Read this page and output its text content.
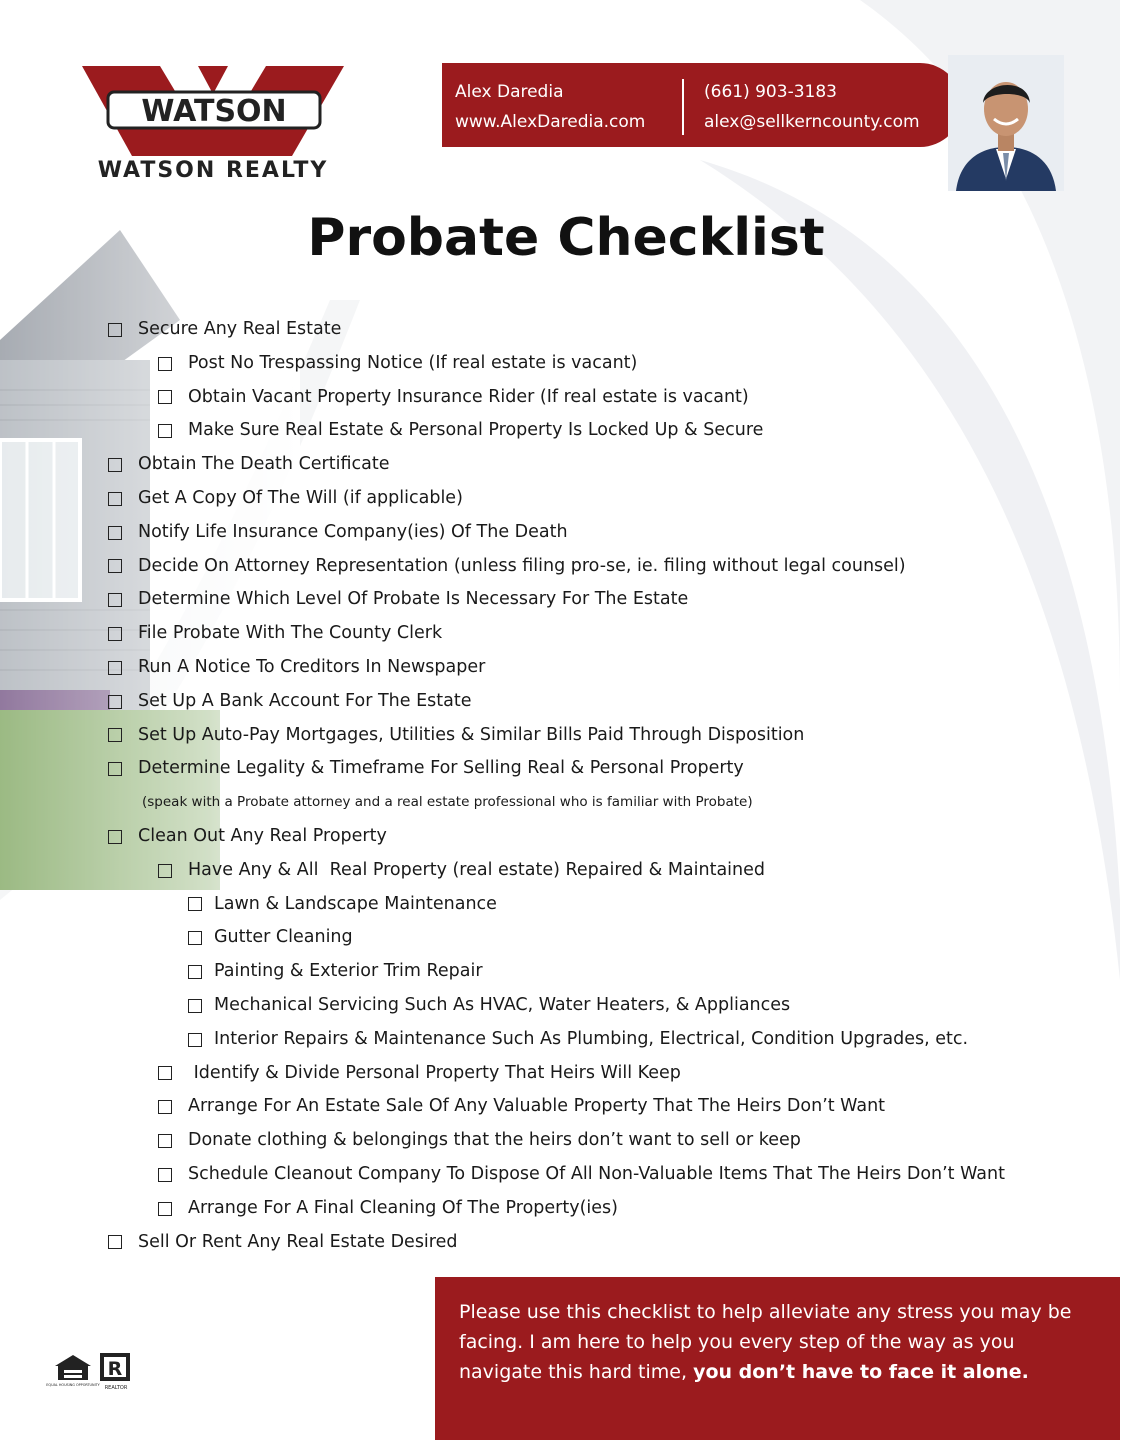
WATSON
WATSON REALTY
Alex Daredia
www.AlexDaredia.com
(661) 903-3183
alex@sellkerncounty.com
Probate Checklist
Secure Any Real Estate
Post No Trespassing Notice (If real estate is vacant)
Obtain Vacant Property Insurance Rider (If real estate is vacant)
Make Sure Real Estate & Personal Property Is Locked Up & Secure
Obtain The Death Certificate
Get A Copy Of The Will (if applicable)
Notify Life Insurance Company(ies) Of The Death
Decide On Attorney Representation (unless filing pro-se, ie. filing without legal counsel)
Determine Which Level Of Probate Is Necessary For The Estate
File Probate With The County Clerk
Run A Notice To Creditors In Newspaper
Set Up A Bank Account For The Estate
Set Up Auto-Pay Mortgages, Utilities & Similar Bills Paid Through Disposition
Determine Legality & Timeframe For Selling Real & Personal Property
(speak with a Probate attorney and a real estate professional who is familiar with Probate)
Clean Out Any Real Property
Have Any & All  Real Property (real estate) Repaired & Maintained
Lawn & Landscape Maintenance
Gutter Cleaning
Painting & Exterior Trim Repair
Mechanical Servicing Such As HVAC, Water Heaters, & Appliances
Interior Repairs & Maintenance Such As Plumbing, Electrical, Condition Upgrades, etc.
Identify & Divide Personal Property That Heirs Will Keep
Arrange For An Estate Sale Of Any Valuable Property That The Heirs Don’t Want
Donate clothing & belongings that the heirs don’t want to sell or keep
Schedule Cleanout Company To Dispose Of All Non-Valuable Items That The Heirs Don’t Want
Arrange For A Final Cleaning Of The Property(ies)
Sell Or Rent Any Real Estate Desired
Please use this checklist to help alleviate any stress you may be facing. I am here to help you every step of the way as you navigate this hard time, you don’t have to face it alone.
EQUAL HOUSING OPPORTUNITY
R
REALTOR
